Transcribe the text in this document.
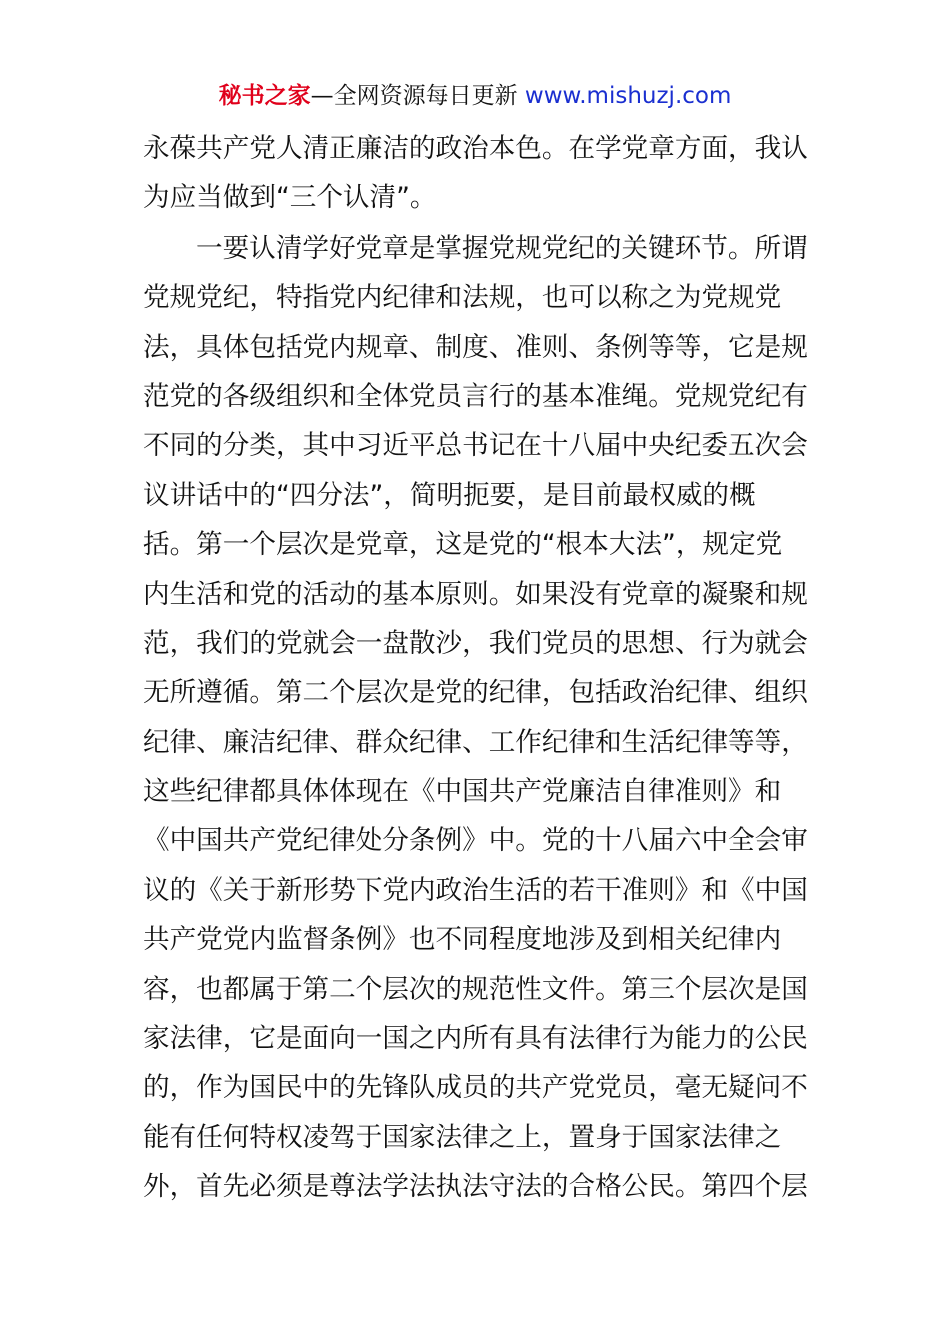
秘书之家—全网资源每日更新 www.mishuzj.com
永葆共产党人清正廉洁的政治本色。在学党章方面，我认
为应当做到“三个认清”。
一要认清学好党章是掌握党规党纪的关键环节。所谓
党规党纪，特指党内纪律和法规，也可以称之为党规党
法，具体包括党内规章、制度、准则、条例等等，它是规
范党的各级组织和全体党员言行的基本准绳。党规党纪有
不同的分类，其中习近平总书记在十八届中央纪委五次会
议讲话中的“四分法”，简明扼要，是目前最权威的概
括。第一个层次是党章，这是党的“根本大法”，规定党
内生活和党的活动的基本原则。如果没有党章的凝聚和规
范，我们的党就会一盘散沙，我们党员的思想、行为就会
无所遵循。第二个层次是党的纪律，包括政治纪律、组织
纪律、廉洁纪律、群众纪律、工作纪律和生活纪律等等，
这些纪律都具体体现在《中国共产党廉洁自律准则》和
《中国共产党纪律处分条例》中。党的十八届六中全会审
议的《关于新形势下党内政治生活的若干准则》和《中国
共产党党内监督条例》也不同程度地涉及到相关纪律内
容，也都属于第二个层次的规范性文件。第三个层次是国
家法律，它是面向一国之内所有具有法律行为能力的公民
的，作为国民中的先锋队成员的共产党党员，毫无疑问不
能有任何特权凌驾于国家法律之上，置身于国家法律之
外，首先必须是尊法学法执法守法的合格公民。第四个层
